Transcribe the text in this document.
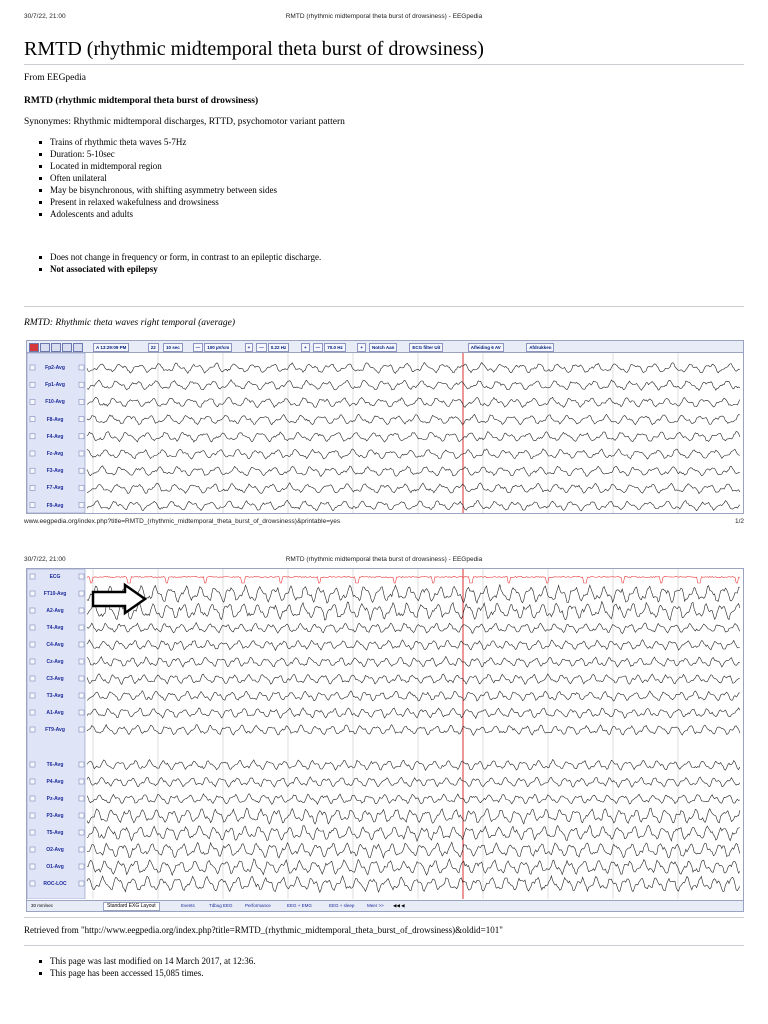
30/7/22, 21:00	RMTD (rhythmic midtemporal theta burst of drowsiness) - EEGpedia
RMTD (rhythmic midtemporal theta burst of drowsiness)
From EEGpedia
RMTD (rhythmic midtemporal theta burst of drowsiness)
Synonymes: Rhythmic midtemporal discharges, RTTD, psychomotor variant pattern
Trains of rhythmic theta waves 5-7Hz
Duration: 5-10sec
Located in midtemporal region
Often unilateral
May be bisynchronous, with shifting asymmetry between sides
Present in relaxed wakefulness and drowsiness
Adolescents and adults
Does not change in frequency or form, in contrast to an epileptic discharge.
Not associated with epilepsy
RMTD: Rhythmic theta waves right temporal (average)
A 13:29:09 PM	22	10 sec	—	100 µV/cm	+	—	0.22 Hz	+	—	70.0 Hz	+	Notch Aan	ECG filter Uit	Afleiding 6 AV	Afdrukken
Fp2-Avg
Fp1-Avg
F10-Avg
F8-Avg
F4-Avg
Fz-Avg
F3-Avg
F7-Avg
F9-Avg
www.eegpedia.org/index.php?title=RMTD_(rhythmic_midtemporal_theta_burst_of_drowsiness)&printable=yes	1/2
30/7/22, 21:00	RMTD (rhythmic midtemporal theta burst of drowsiness) - EEGpedia
ECG
FT10-Avg
A2-Avg
T4-Avg
C4-Avg
Cz-Avg
C3-Avg
T3-Avg
A1-Avg
FT9-Avg
T6-Avg
P4-Avg
Pz-Avg
P3-Avg
T5-Avg
O2-Avg
O1-Avg
ROC-LOC
30 mm/sec	Standard EXG Layout	Events	Tdbug EEG	Performance	EEG + EMG	EEG + sleep	Meer >> ◀◀ ◀
Retrieved from "http://www.eegpedia.org/index.php?title=RMTD_(rhythmic_midtemporal_theta_burst_of_drowsiness)&oldid=101"
This page was last modified on 14 March 2017, at 12:36.
This page has been accessed 15,085 times.
